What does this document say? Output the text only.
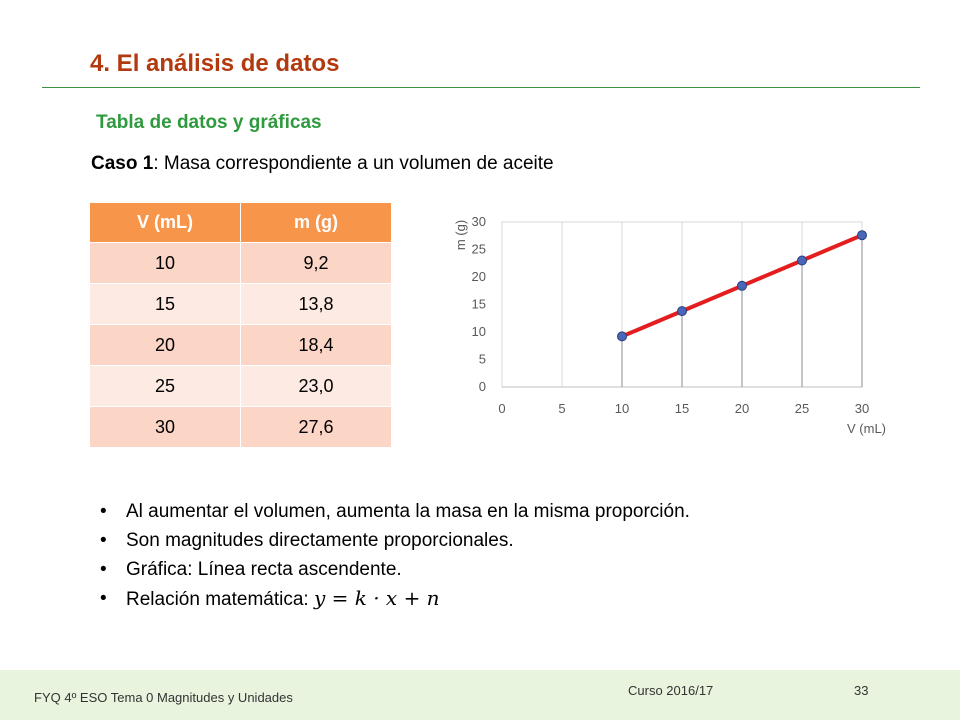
4. El análisis de datos
Tabla de datos y gráficas
Caso 1: Masa correspondiente a un volumen de aceite
V (mL)	m (g)
10	9,2
15	13,8
20	18,4
25	23,0
30	27,6
0	5	10	15	20	25	30
0
5
10
15
20
25
30
V (mL)
m (g)
• Al aumentar el volumen, aumenta la masa en la misma proporción.
• Son magnitudes directamente proporcionales.
• Gráfica: Línea recta ascendente.
• Relación matemática: y = k · x + n
FYQ 4º ESO Tema 0 Magnitudes y Unidades	Curso 2016/17	33
